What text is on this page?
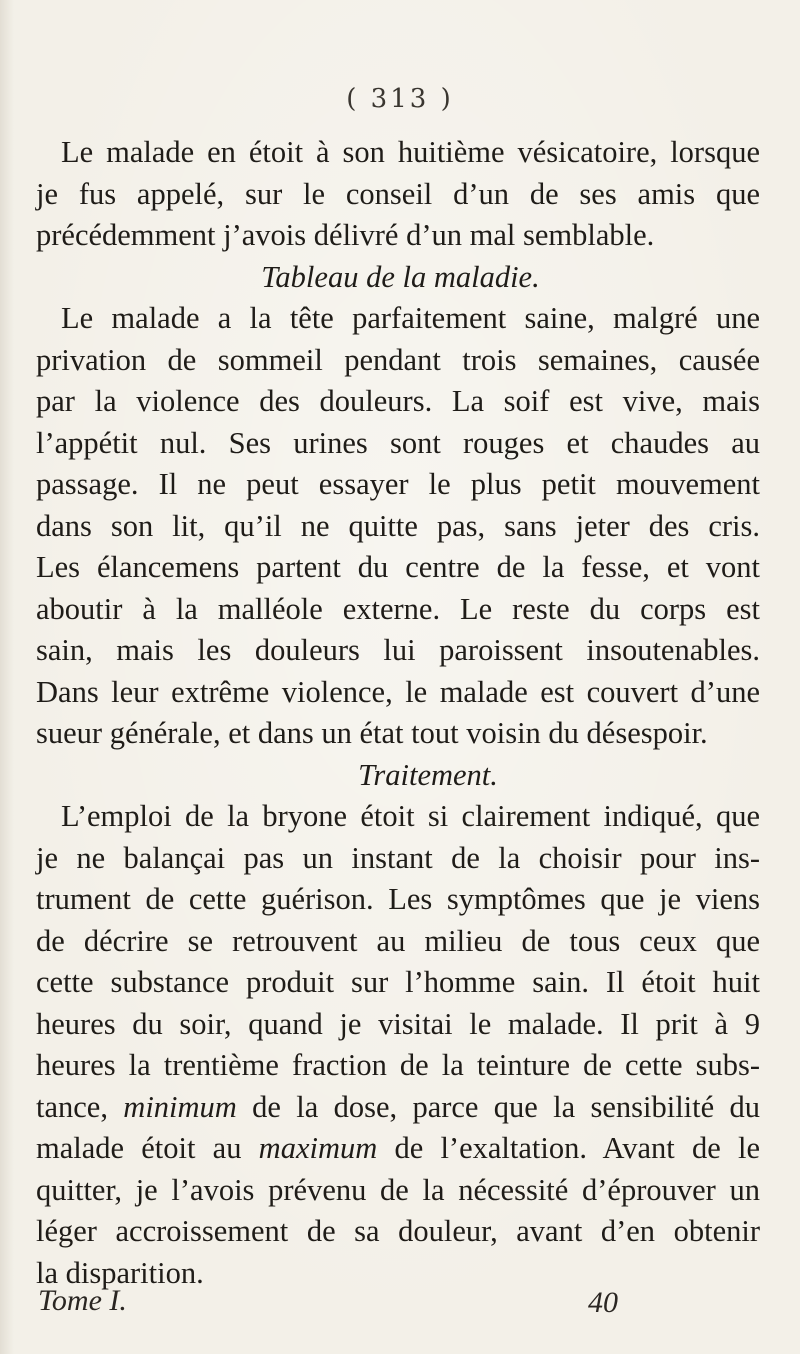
( 313 )
Le malade en étoit à son huitième vésicatoire, lorsque
je fus appelé, sur le conseil d’un de ses amis que
précédemment j’avois délivré d’un mal semblable.
Tableau de la maladie.
Le malade a la tête parfaitement saine, malgré une
privation de sommeil pendant trois semaines, causée
par la violence des douleurs. La soif est vive, mais
l’appétit nul. Ses urines sont rouges et chaudes au
passage. Il ne peut essayer le plus petit mouvement
dans son lit, qu’il ne quitte pas, sans jeter des cris.
Les élancemens partent du centre de la fesse, et vont
aboutir à la malléole externe. Le reste du corps est
sain, mais les douleurs lui paroissent insoutenables.
Dans leur extrême violence, le malade est couvert d’une
sueur générale, et dans un état tout voisin du désespoir.
Traitement.
L’emploi de la bryone étoit si clairement indiqué, que
je ne balançai pas un instant de la choisir pour ins-
trument de cette guérison. Les symptômes que je viens
de décrire se retrouvent au milieu de tous ceux que
cette substance produit sur l’homme sain. Il étoit huit
heures du soir, quand je visitai le malade. Il prit à 9
heures la trentième fraction de la teinture de cette subs-
tance, minimum de la dose, parce que la sensibilité du
malade étoit au maximum de l’exaltation. Avant de le
quitter, je l’avois prévenu de la nécessité d’éprouver un
léger accroissement de sa douleur, avant d’en obtenir
la disparition.
Tome I.	40
